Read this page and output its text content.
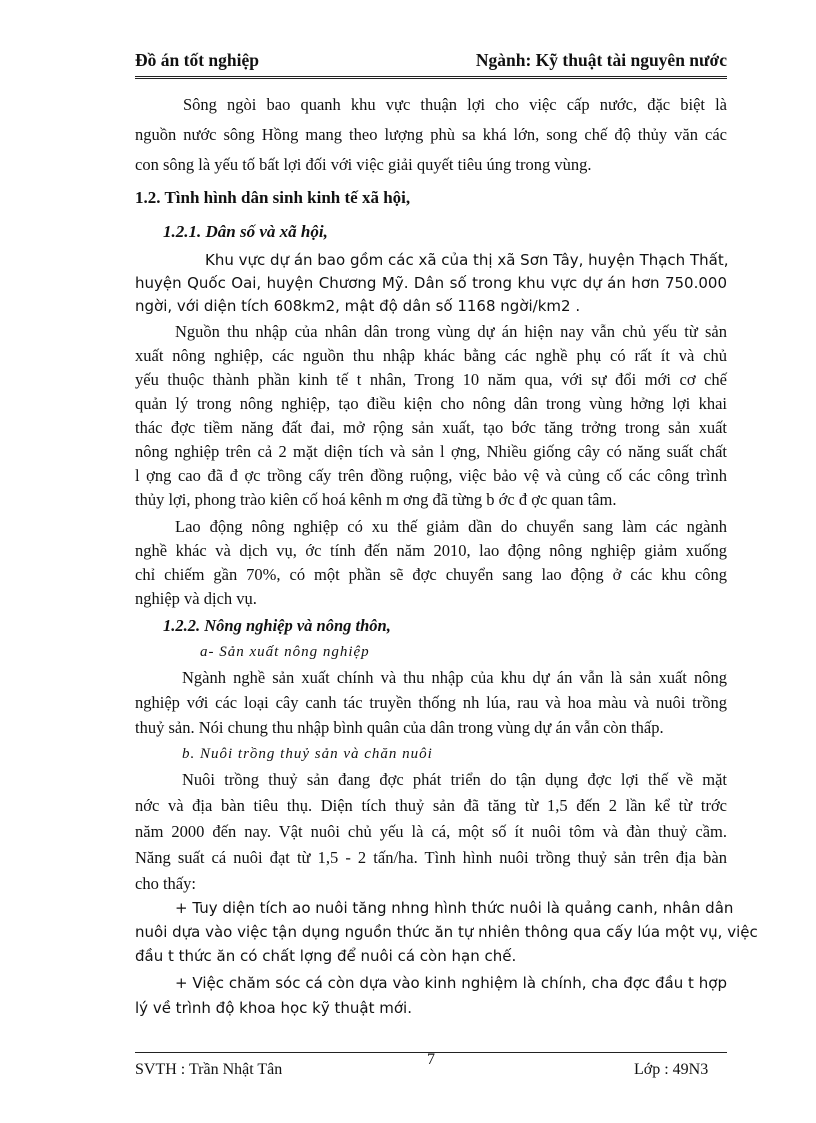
Đồ án tốt nghiệp	Ngành: Kỹ thuật tài nguyên nước
Sông ngòi bao quanh khu vực thuận lợi cho việc cấp nước, đặc biệt là
nguồn nước sông Hồng mang theo lượng phù sa khá lớn, song chế độ thủy văn các
con sông là yếu tố bất lợi đối với việc giải quyết tiêu úng trong vùng.
1.2. Tình hình dân sinh kinh tế xã hội,
1.2.1. Dân số và xã hội,
Khu vực dự án bao gồm các xã của thị xã Sơn Tây, huyện Thạch Thất,
huyện Quốc Oai, huyện Chương Mỹ. Dân số trong khu vực dự án hơn 750.000
ngời, với diện tích 608km2, mật độ dân số 1168 ngời/km2 .
Nguồn thu nhập của nhân dân trong vùng dự án hiện nay vẫn chủ yếu từ sản
xuất nông nghiệp, các nguồn thu nhập khác bằng các nghề phụ có rất ít và chủ
yếu thuộc thành phần kinh tế t nhân, Trong 10 năm qua, với sự đổi mới cơ chế
quản lý trong nông nghiệp, tạo điều kiện cho nông dân trong vùng hởng lợi khai
thác đợc tiềm năng đất đai, mở rộng sản xuất, tạo bớc tăng trởng trong sản xuất
nông nghiệp trên cả 2 mặt diện tích và sản l ợng, Nhiều giống cây có năng suất chất
l ợng cao đã đ ợc trồng cấy trên đồng ruộng, việc bảo vệ và củng cố các công trình
thủy lợi, phong trào kiên cố hoá kênh m ơng đã từng b ớc đ ợc quan tâm.
Lao động nông nghiệp có xu thế giảm dần do chuyển sang làm các ngành
nghề khác và dịch vụ, ớc tính đến năm 2010, lao động nông nghiệp giảm xuống
chỉ chiếm gần 70%, có một phần sẽ đợc chuyển sang lao động ở các khu công
nghiệp và dịch vụ.
1.2.2. Nông nghiệp và nông thôn,
a- Sản xuất nông nghiệp
Ngành nghề sản xuất chính và thu nhập của khu dự án vẫn là sản xuất nông
nghiệp với các loại cây canh tác truyền thống nh lúa, rau và hoa màu và nuôi trồng
thuỷ sản. Nói chung thu nhập bình quân của dân trong vùng dự án vẫn còn thấp.
b. Nuôi trồng thuỷ sản và chăn nuôi
Nuôi trồng thuỷ sản đang đợc phát triển do tận dụng đợc lợi thế về mặt
nớc và địa bàn tiêu thụ. Diện tích thuỷ sản đã tăng từ 1,5 đến 2 lần kể từ trớc
năm 2000 đến nay. Vật nuôi chủ yếu là cá, một số ít nuôi tôm và đàn thuỷ cầm.
Năng suất cá nuôi đạt từ 1,5 - 2 tấn/ha. Tình hình nuôi trồng thuỷ sản trên địa bàn
cho thấy:
+ Tuy diện tích ao nuôi tăng nhng hình thức nuôi là quảng canh, nhân dân
nuôi dựa vào việc tận dụng nguồn thức ăn tự nhiên thông qua cấy lúa một vụ, việc
đầu t thức ăn có chất lợng để nuôi cá còn hạn chế.
+ Việc chăm sóc cá còn dựa vào kinh nghiệm là chính, cha đợc đầu t hợp
lý về trình độ khoa học kỹ thuật mới.
7
SVTH : Trần Nhật Tân	Lớp : 49N3
